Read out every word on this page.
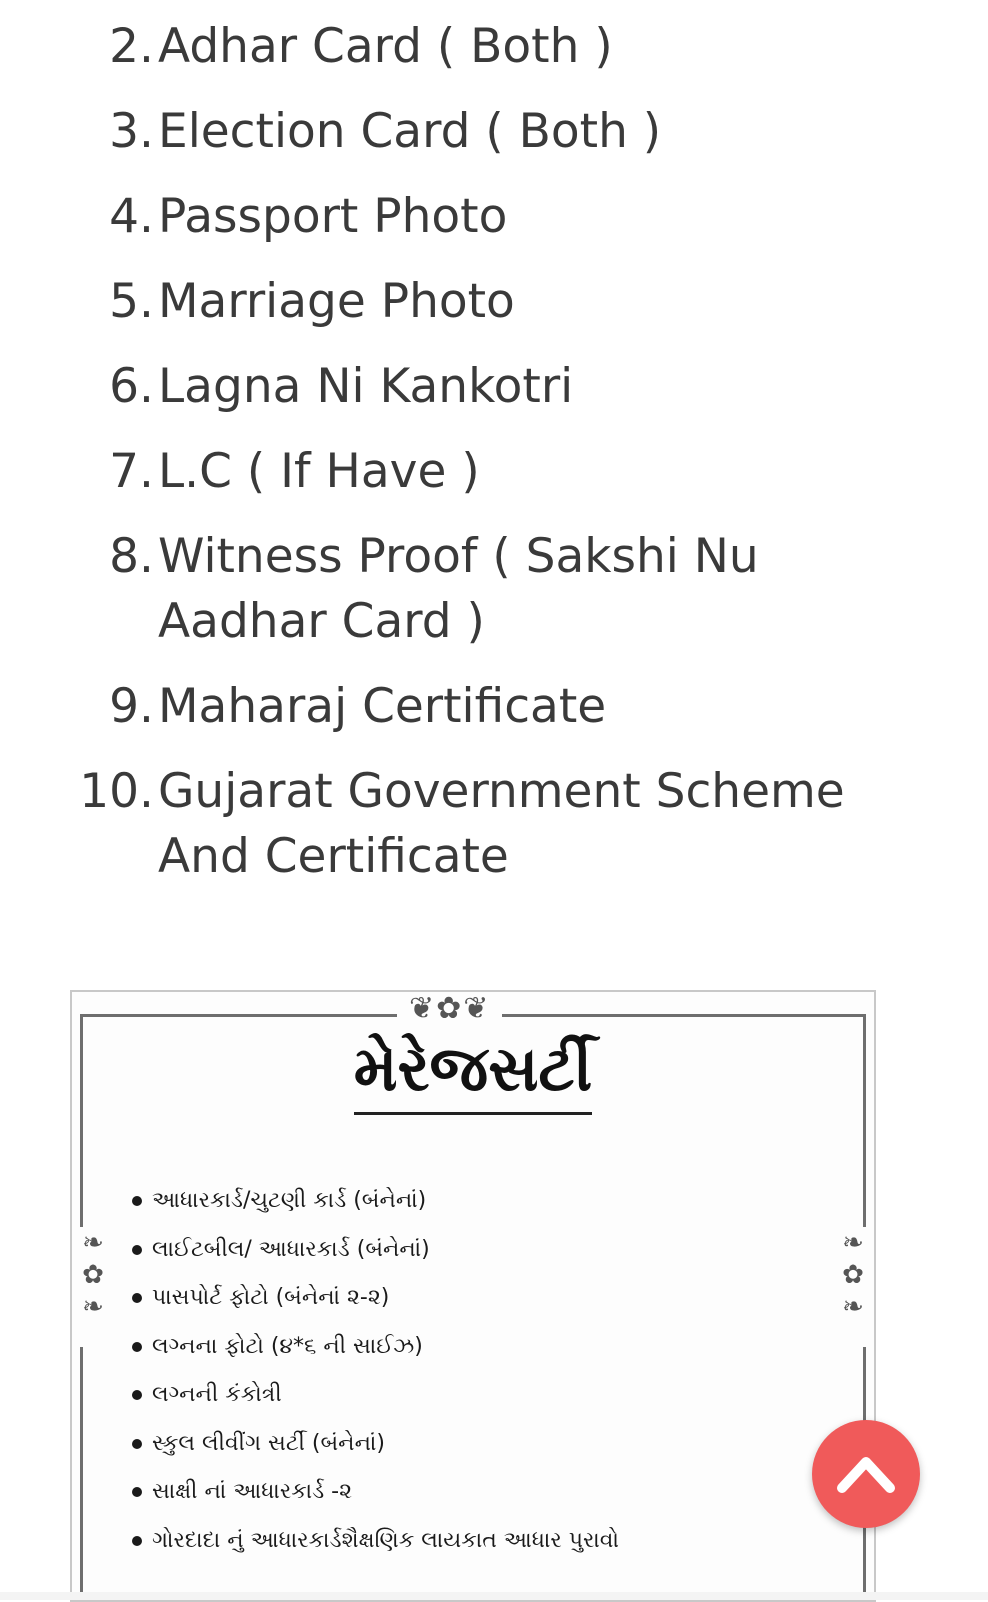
2. Adhar Card ( Both )
3. Election Card ( Both )
4. Passport Photo
5. Marriage Photo
6. Lagna Ni Kankotri
7. L.C ( If Have )
8. Witness Proof ( Sakshi Nu Aadhar Card )
9. Maharaj Certificate
10. Gujarat Government Scheme And Certificate
❦✿❦
❧
✿
❧
❧
✿
❧
મેરેજસર્ટી
આધારકાર્ડ/ચુટણી કાર્ડ (બંનેનાં)
લાઈટબીલ/ આધારકાર્ડ (બંનેનાં)
પાસપોર્ટ ફોટો (બંનેનાં ૨-૨)
લગ્નના ફોટો (૪*૬ ની સાઈઝ)
લગ્નની કંકોત્રી
સ્કુલ લીવીંગ સર્ટી (બંનેનાં)
સાક્ષી નાં આધારકાર્ડ -૨
ગોરદાદા નું આધારકાર્ડશૈક્ષણિક લાયકાત આધાર પુરાવો
